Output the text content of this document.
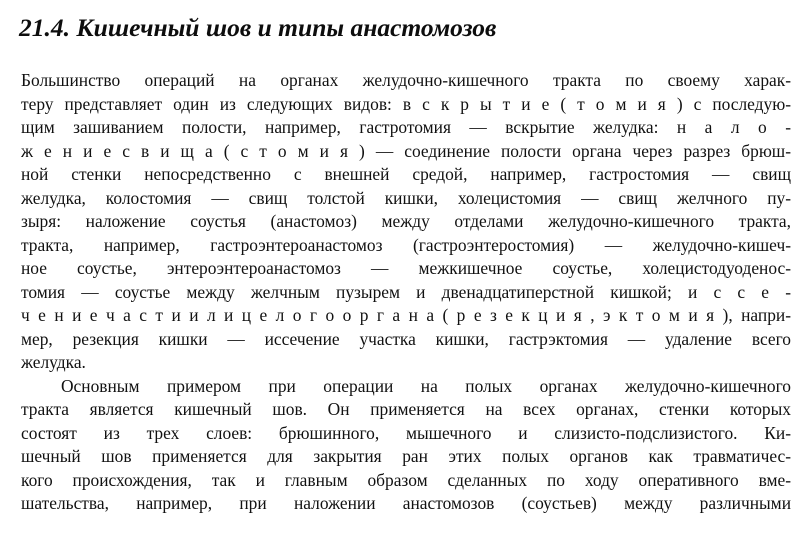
21.4. Кишечный шов и типы анастомозов
Большинство операций на органах желудочно-кишечного тракта по своему харак-
теру представляет один из следующих видов: в с к р ы т и е ( т о м и я ) с последую-
щим зашиванием полости, например, гастротомия — вскрытие желудка: н а л о -
ж е н и е с в и щ а ( с т о м и я ) — соединение полости органа через разрез брюш-
ной стенки непосредственно с внешней средой, например, гастростомия — свищ
желудка, колостомия — свищ толстой кишки, холецистомия — свищ желчного пу-
зыря: наложение соустья (анастомоз) между отделами желудочно-кишечного тракта,
тракта, например, гастроэнтероанастомоз (гастроэнтеростомия) — желудочно-кишеч-
ное соустье, энтероэнтероанастомоз — межкишечное соустье, холецистодуоденос-
томия — соустье между желчным пузырем и двенадцатиперстной кишкой; и с с е -
ч е н и е ч а с т и и л и ц е л о г о о р г а н а ( р е з е к ц и я , э к т о м и я ), напри-
мер, резекция кишки — иссечение участка кишки, гастрэктомия — удаление всего
желудка.
Основным примером при операции на полых органах желудочно-кишечного
тракта является кишечный шов. Он применяется на всех органах, стенки которых
состоят из трех слоев: брюшинного, мышечного и слизисто-подслизистого. Ки-
шечный шов применяется для закрытия ран этих полых органов как травматичес-
кого происхождения, так и главным образом сделанных по ходу оперативного вме-
шательства, например, при наложении анастомозов (соустьев) между различными
